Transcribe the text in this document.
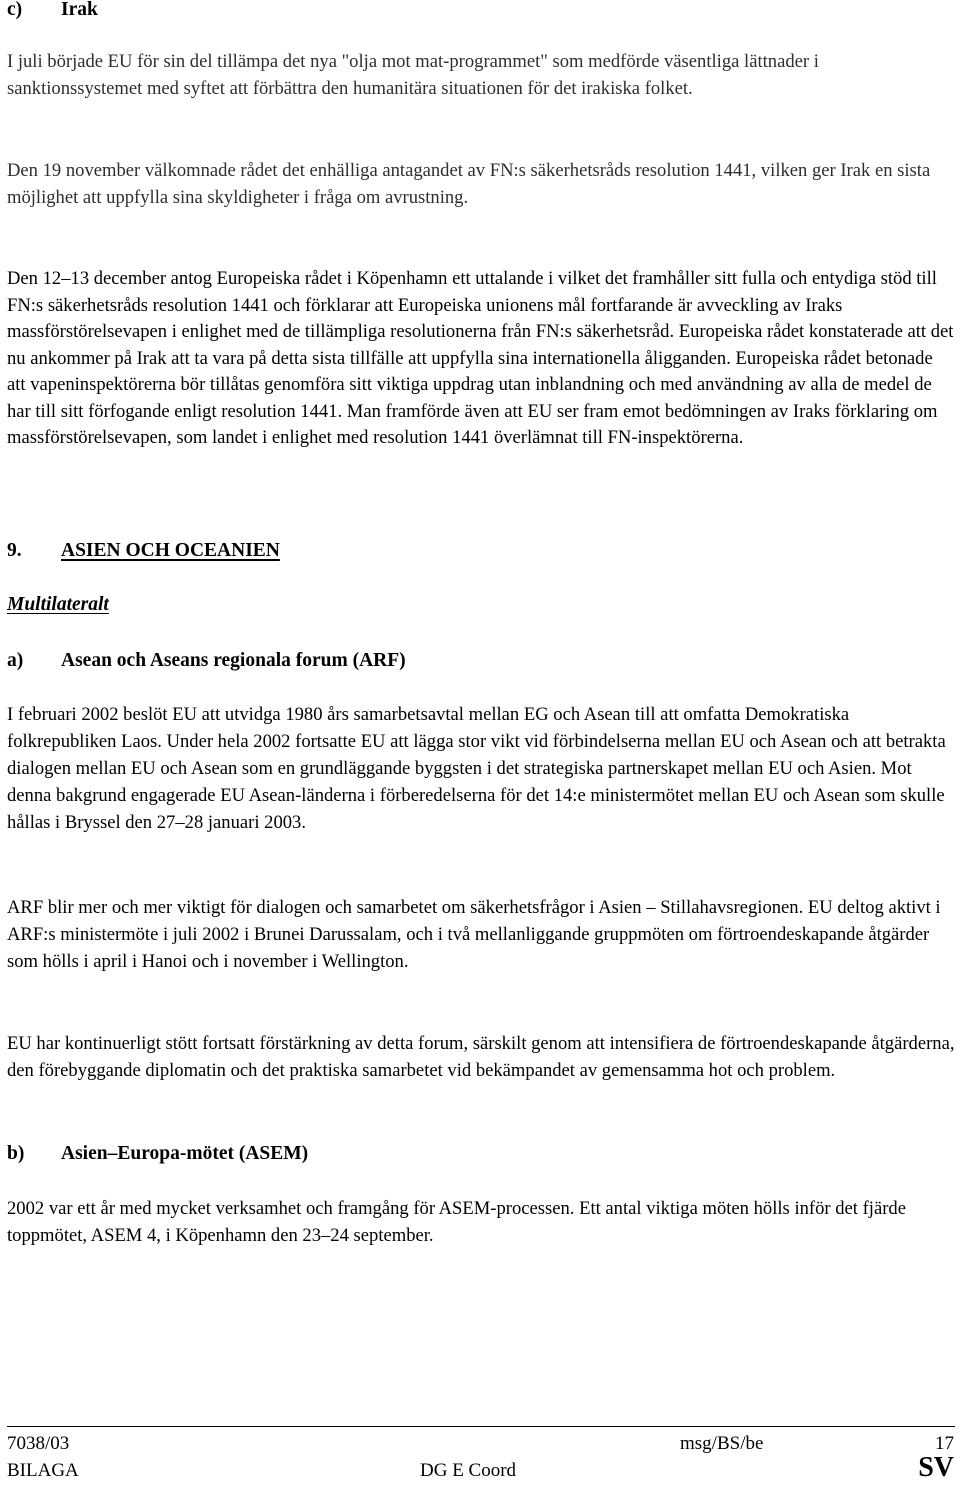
c) Irak

I juli började EU för sin del tillämpa det nya "olja mot mat-programmet" som medförde väsentliga lättnader i sanktionssystemet med syftet att förbättra den humanitära situationen för det irakiska folket.

Den 19 november välkomnade rådet det enhälliga antagandet av FN:s säkerhetsråds resolution 1441, vilken ger Irak en sista möjlighet att uppfylla sina skyldigheter i fråga om avrustning.

Den 12–13 december antog Europeiska rådet i Köpenhamn ett uttalande i vilket det framhåller sitt fulla och entydiga stöd till FN:s säkerhetsråds resolution 1441 och förklarar att Europeiska unionens mål fortfarande är avveckling av Iraks massförstörelsevapen i enlighet med de tillämpliga resolutionerna från FN:s säkerhetsråd. Europeiska rådet konstaterade att det nu ankommer på Irak att ta vara på detta sista tillfälle att uppfylla sina internationella åligganden. Europeiska rådet betonade att vapeninspektörerna bör tillåtas genomföra sitt viktiga uppdrag utan inblandning och med användning av alla de medel de har till sitt förfogande enligt resolution 1441. Man framförde även att EU ser fram emot bedömningen av Iraks förklaring om massförstörelsevapen, som landet i enlighet med resolution 1441 överlämnat till FN-inspektörerna.

9. ASIEN OCH OCEANIEN
Multilateralt
a) Asean och Aseans regionala forum (ARF)

I februari 2002 beslöt EU att utvidga 1980 års samarbetsavtal mellan EG och Asean till att omfatta Demokratiska folkrepubliken Laos. Under hela 2002 fortsatte EU att lägga stor vikt vid förbindelserna mellan EU och Asean och att betrakta dialogen mellan EU och Asean som en grundläggande byggsten i det strategiska partnerskapet mellan EU och Asien. Mot denna bakgrund engagerade EU Asean-länderna i förberedelserna för det 14:e ministermötet mellan EU och Asean som skulle hållas i Bryssel den 27–28 januari 2003.

ARF blir mer och mer viktigt för dialogen och samarbetet om säkerhetsfrågor i Asien – Stillahavsregionen. EU deltog aktivt i ARF:s ministermöte i juli 2002 i Brunei Darussalam, och i två mellanliggande gruppmöten om förtroendeskapande åtgärder som hölls i april i Hanoi och i november i Wellington.

EU har kontinuerligt stött fortsatt förstärkning av detta forum, särskilt genom att intensifiera de förtroendeskapande åtgärderna, den förebyggande diplomatin och det praktiska samarbetet vid bekämpandet av gemensamma hot och problem.

b) Asien–Europa-mötet (ASEM)

2002 var ett år med mycket verksamhet och framgång för ASEM-processen. Ett antal viktiga möten hölls inför det fjärde toppmötet, ASEM 4, i Köpenhamn den 23–24 september.

7038/03	msg/BS/be	17
BILAGA	DG E Coord	SV
